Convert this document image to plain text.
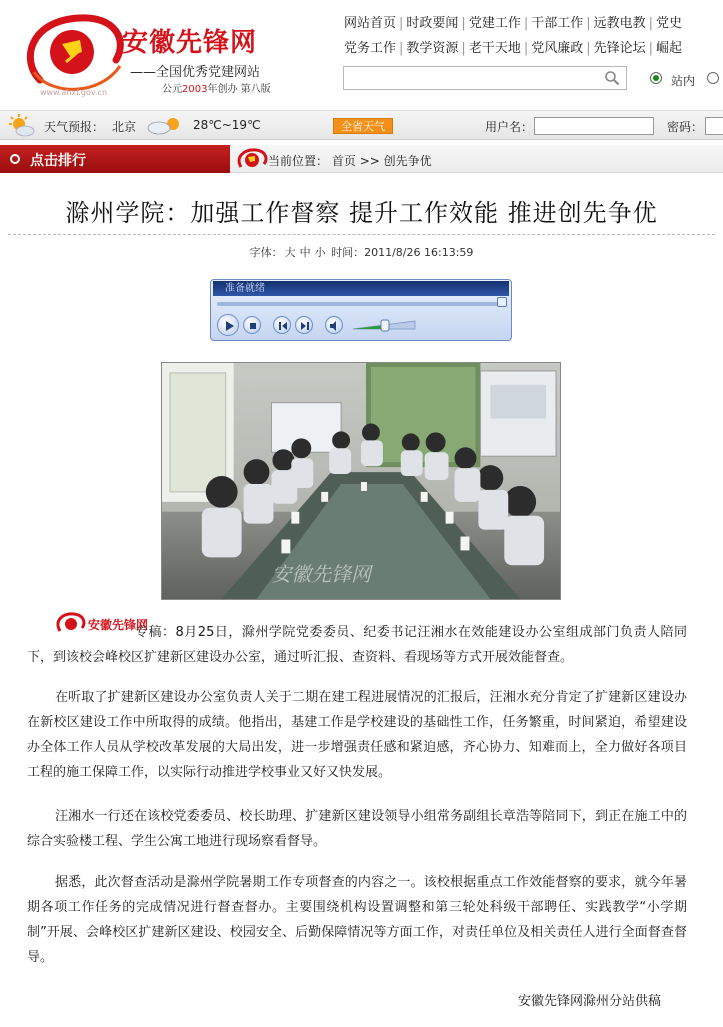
安徽先锋网
——全国优秀党建网站
公元2003年创办 第八版
www.ahxf.gov.cn
网站首页 | 时政要闻 | 党建工作 | 干部工作 | 远教电教 | 党史
党务工作 | 教学资源 | 老干天地 | 党风廉政 | 先锋论坛 | 崛起
站内
天气预报： 北京	28℃~19℃	全省天气	用户名：	密码：
点击排行	当前位置： 首页 >> 创先争优
滁州学院：加强工作督察 提升工作效能 推进创先争优
字体： 大 中 小 时间：2011/8/26 16:13:59
准备就绪
安徽先锋网
安徽先锋网

专稿：8月25日，滁州学院党委委员、纪委书记汪湘水在效能建设办公室组成部门负责人陪同下，到该校会峰校区扩建新区建设办公室，通过听汇报、查资料、看现场等方式开展效能督查。

在听取了扩建新区建设办公室负责人关于二期在建工程进展情况的汇报后，汪湘水充分肯定了扩建新区建设办在新校区建设工作中所取得的成绩。他指出，基建工作是学校建设的基础性工作，任务繁重，时间紧迫，希望建设办全体工作人员从学校改革发展的大局出发，进一步增强责任感和紧迫感，齐心协力、知难而上，全力做好各项目工程的施工保障工作，以实际行动推进学校事业又好又快发展。

汪湘水一行还在该校党委委员、校长助理、扩建新区建设领导小组常务副组长章浩等陪同下，到正在施工中的综合实验楼工程、学生公寓工地进行现场察看督导。

据悉，此次督查活动是滁州学院暑期工作专项督查的内容之一。该校根据重点工作效能督察的要求，就今年暑期各项工作任务的完成情况进行督查督办。主要围绕机构设置调整和第三轮处科级干部聘任、实践教学“小学期制”开展、会峰校区扩建新区建设、校园安全、后勤保障情况等方面工作，对责任单位及相关责任人进行全面督查督导。

安徽先锋网滁州分站供稿
